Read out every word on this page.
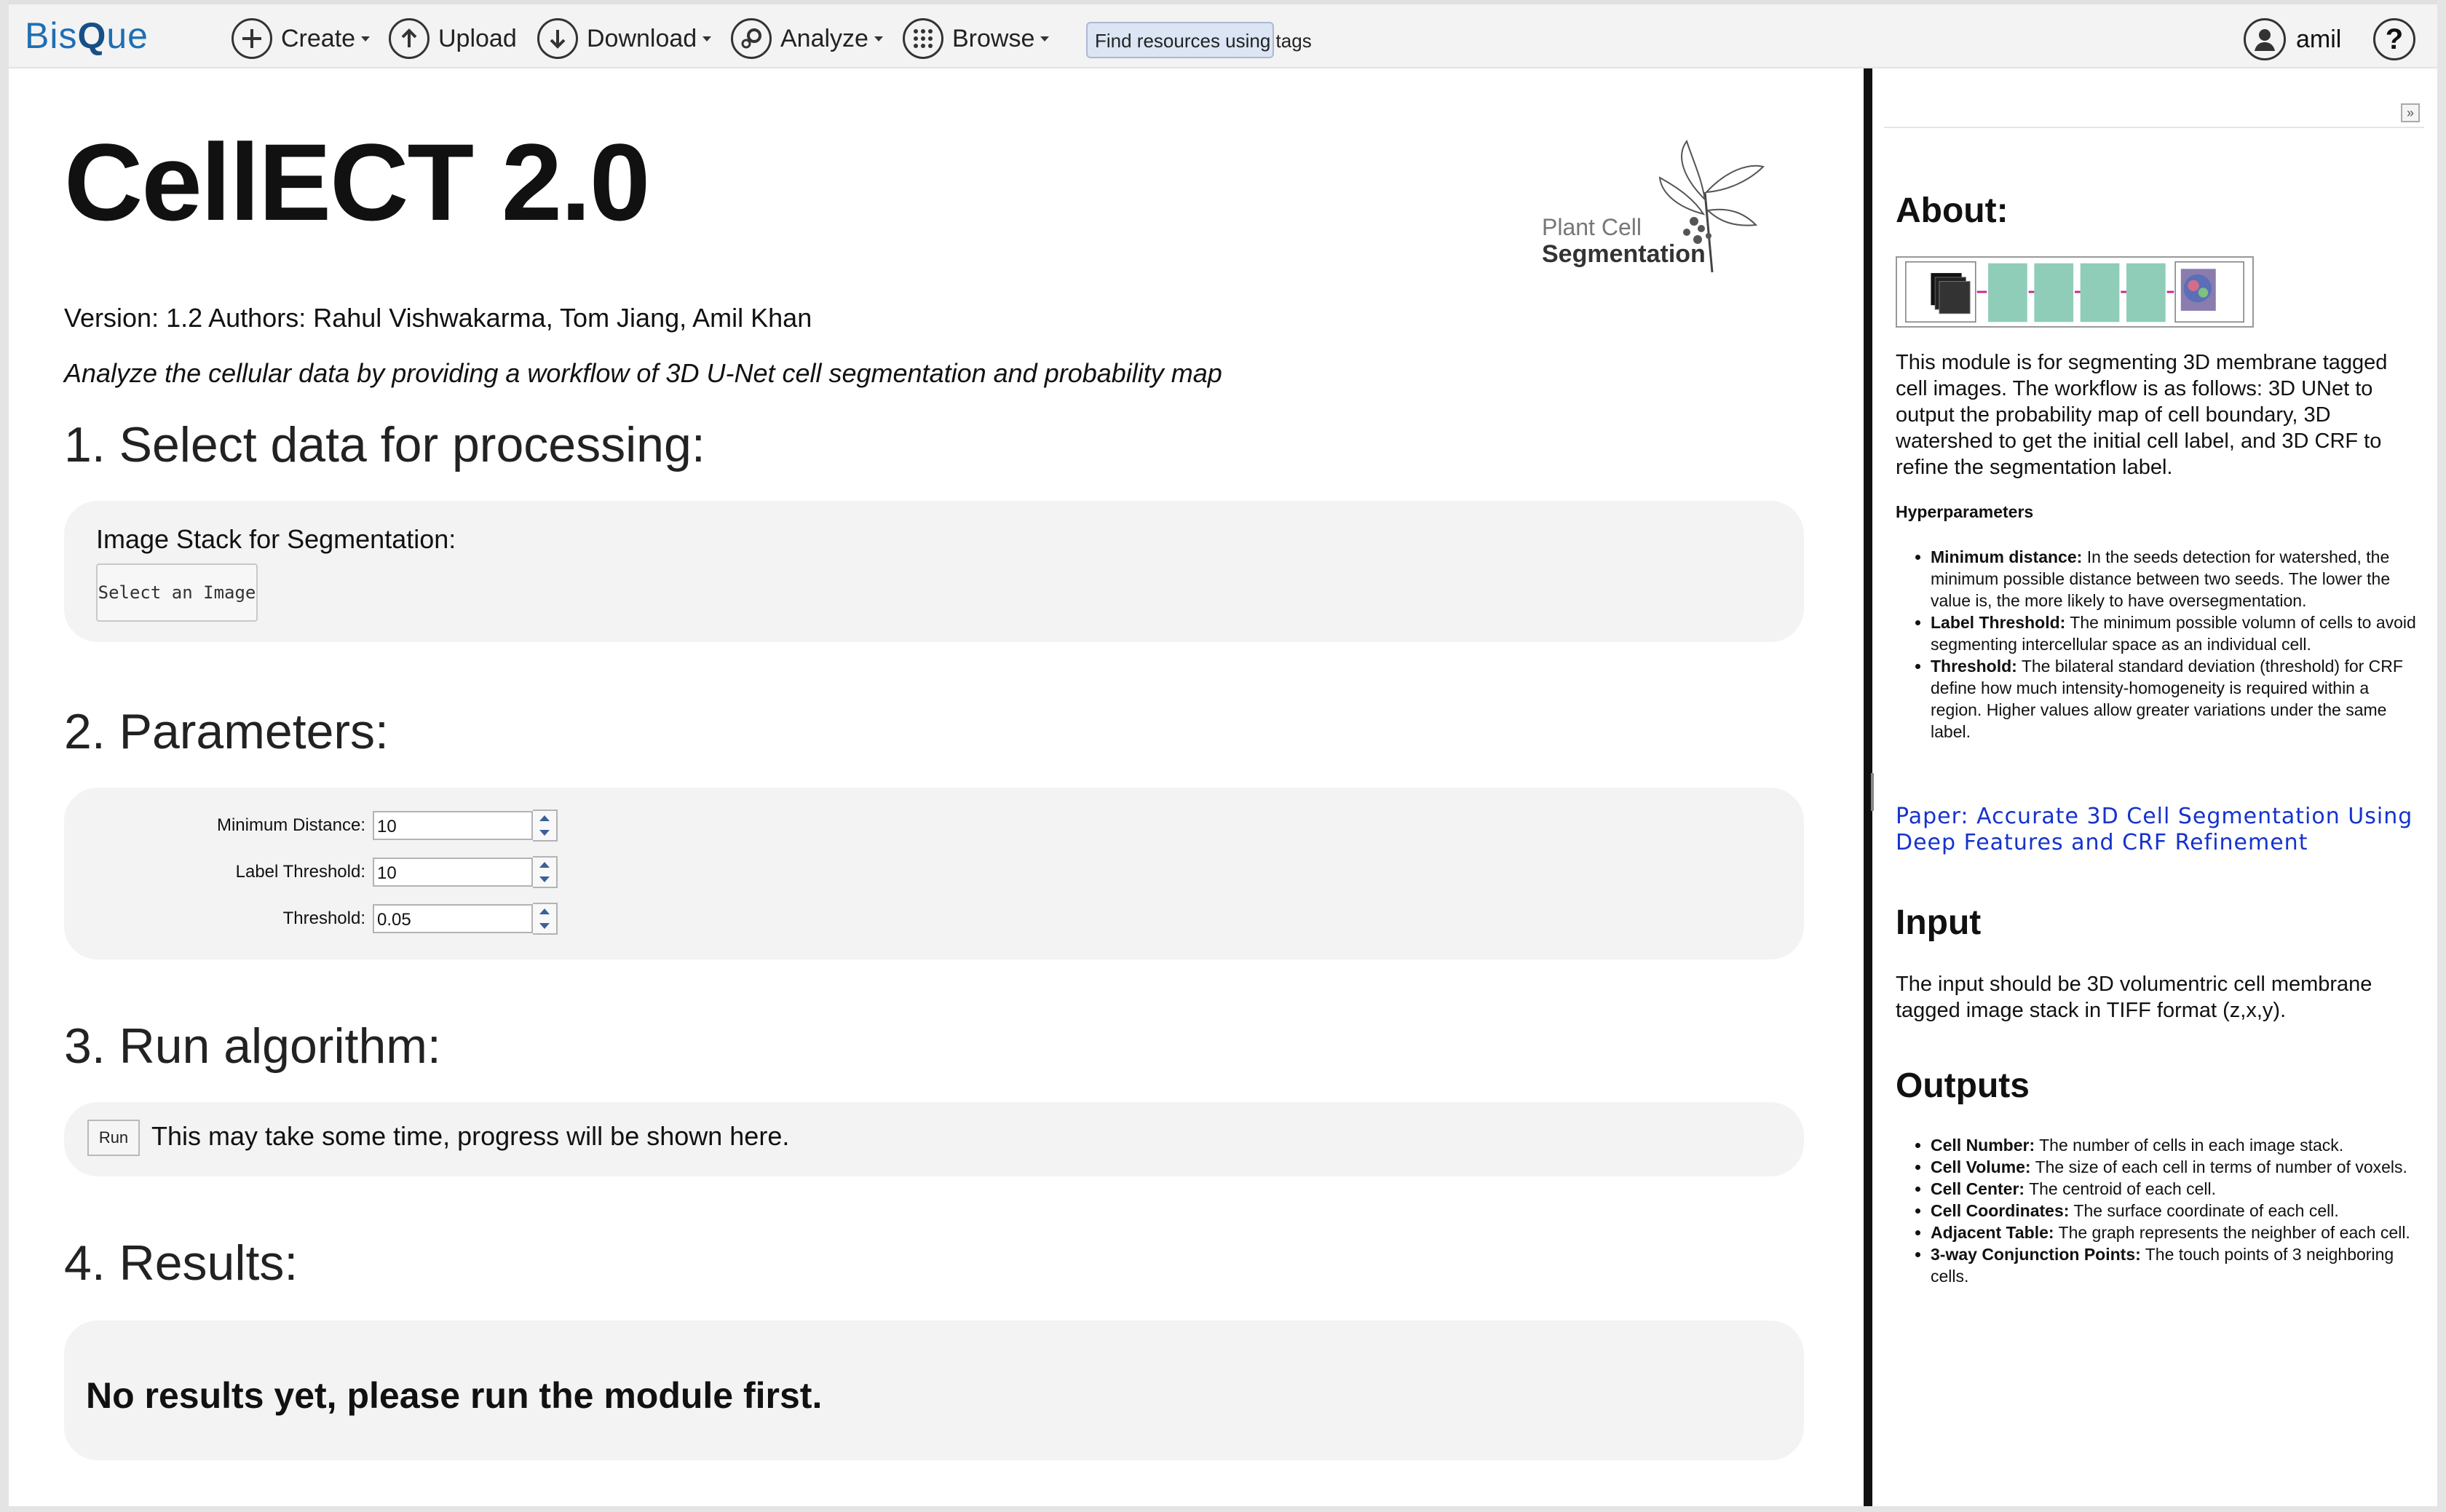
BisQue	Create	Upload	Download	Analyze	Browse	Find resources using tags	amil	?
CellECT 2.0	Plant Cell
Segmentation
Version: 1.2 Authors: Rahul Vishwakarma, Tom Jiang, Amil Khan
Analyze the cellular data by providing a workflow of 3D U-Net cell segmentation and probability map
1. Select data for processing:
Image Stack for Segmentation:
Select an Image
2. Parameters:
Minimum Distance: 10
Label Threshold: 10
Threshold: 0.05
3. Run algorithm:
Run This may take some time, progress will be shown here.
4. Results:
No results yet, please run the module first.
»
About:

This module is for segmenting 3D membrane tagged cell images. The workflow is as follows: 3D UNet to output the probability map of cell boundary, 3D watershed to get the initial cell label, and 3D CRF to refine the segmentation label.

Hyperparameters
• Minimum distance: In the seeds detection for watershed, the minimum possible distance between two seeds. The lower the value is, the more likely to have oversegmentation.
• Label Threshold: The minimum possible volumn of cells to avoid segmenting intercellular space as an individual cell.
• Threshold: The bilateral standard deviation (threshold) for CRF define how much intensity-homogeneity is required within a region. Higher values allow greater variations under the same label.
Paper: Accurate 3D Cell Segmentation Using Deep Features and CRF Refinement
Input

The input should be 3D volumentric cell membrane tagged image stack in TIFF format (z,x,y).

Outputs
• Cell Number: The number of cells in each image stack.
• Cell Volume: The size of each cell in terms of number of voxels.
• Cell Center: The centroid of each cell.
• Cell Coordinates: The surface coordinate of each cell.
• Adjacent Table: The graph represents the neighber of each cell.
• 3-way Conjunction Points: The touch points of 3 neighboring cells.
